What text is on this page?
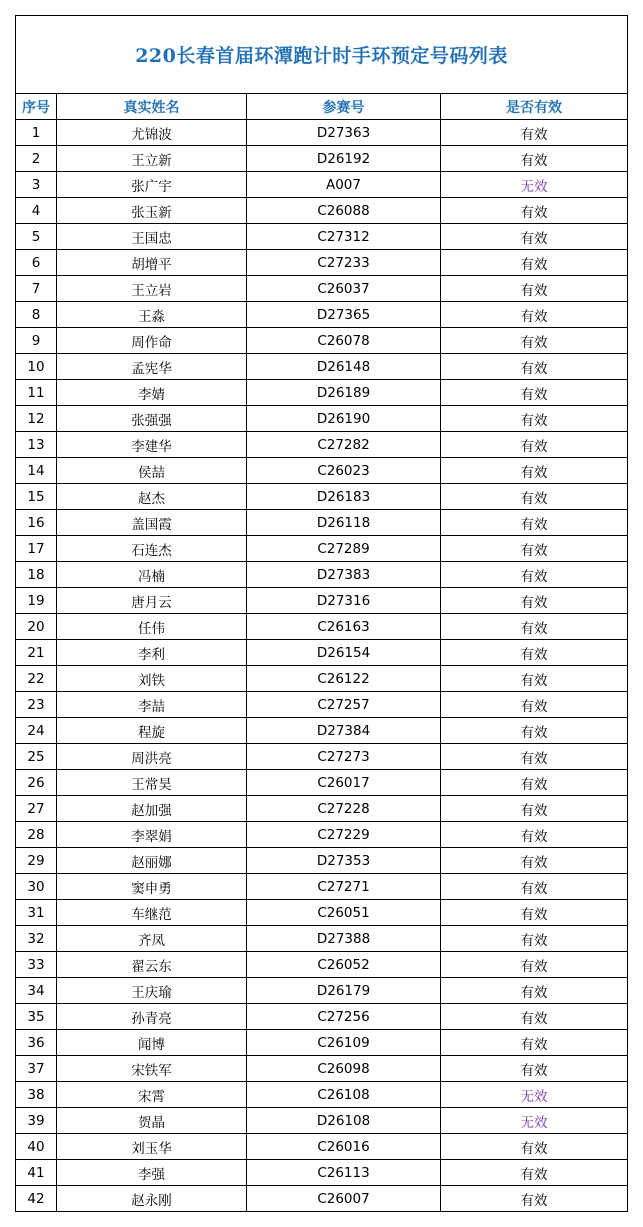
220长春首届环潭跑计时手环预定号码列表			
序号	真实姓名	参赛号	是否有效
1	尤锦波	D27363	有效
2	王立新	D26192	有效
3	张广宇	A007	无效
4	张玉新	C26088	有效
5	王国忠	C27312	有效
6	胡增平	C27233	有效
7	王立岩	C26037	有效
8	王淼	D27365	有效
9	周作命	C26078	有效
10	孟宪华	D26148	有效
11	李婧	D26189	有效
12	张强强	D26190	有效
13	李建华	C27282	有效
14	侯喆	C26023	有效
15	赵杰	D26183	有效
16	盖国霞	D26118	有效
17	石连杰	C27289	有效
18	冯楠	D27383	有效
19	唐月云	D27316	有效
20	任伟	C26163	有效
21	李利	D26154	有效
22	刘铁	C26122	有效
23	李喆	C27257	有效
24	程旋	D27384	有效
25	周洪亮	C27273	有效
26	王常昊	C26017	有效
27	赵加强	C27228	有效
28	李翠娟	C27229	有效
29	赵丽娜	D27353	有效
30	窦申勇	C27271	有效
31	车继范	C26051	有效
32	齐凤	D27388	有效
33	翟云东	C26052	有效
34	王庆瑜	D26179	有效
35	孙青亮	C27256	有效
36	闻博	C26109	有效
37	宋铁军	C26098	有效
38	宋霄	C26108	无效
39	贺晶	D26108	无效
40	刘玉华	C26016	有效
41	李强	C26113	有效
42	赵永刚	C26007	有效
